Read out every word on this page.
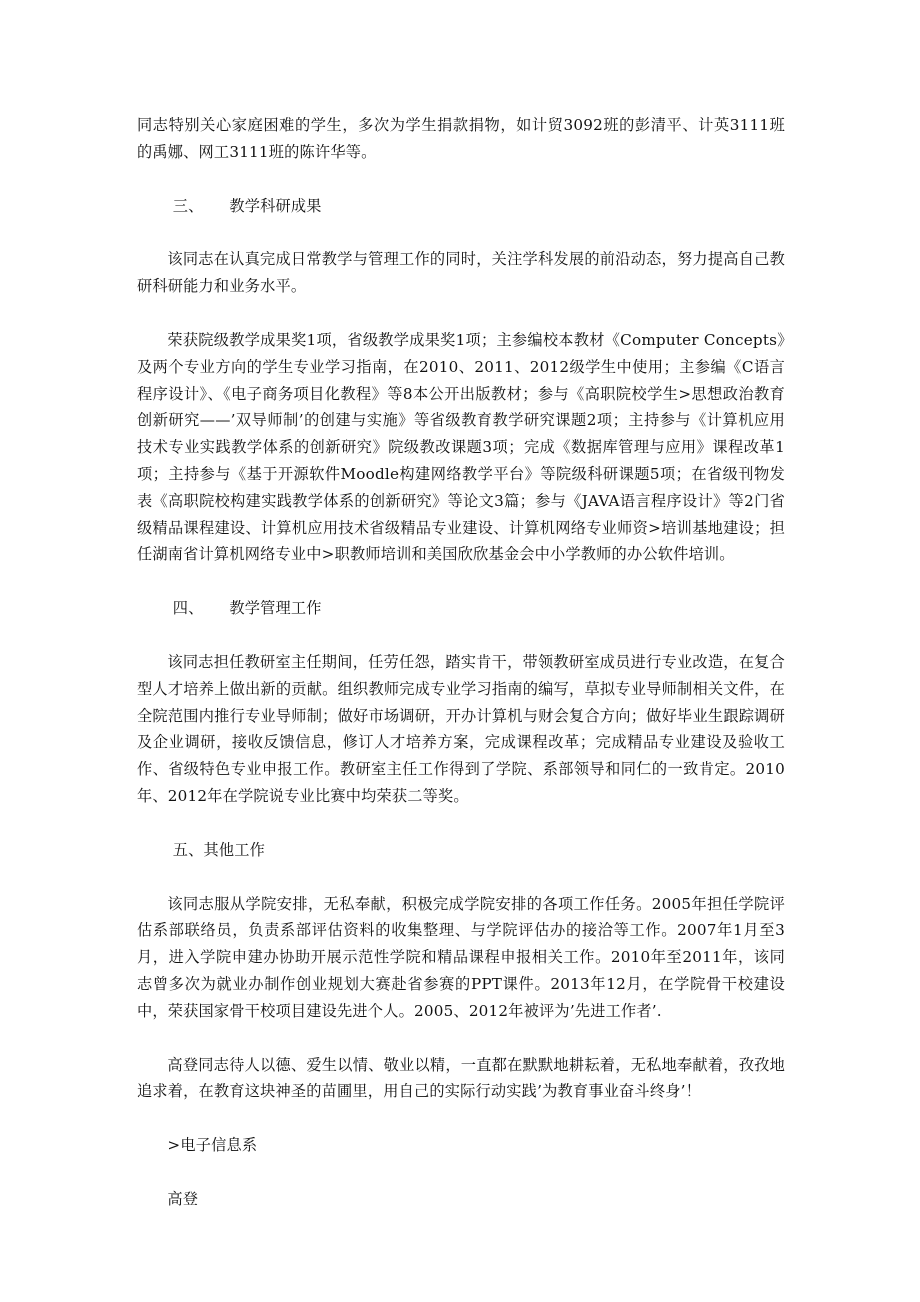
同志特别关心家庭困难的学生，多次为学生捐款捐物，如计贸3092班的彭清平、计英3111班的禹娜、网工3111班的陈许华等。

三、 教学科研成果

该同志在认真完成日常教学与管理工作的同时，关注学科发展的前沿动态，努力提高自己教研科研能力和业务水平。

荣获院级教学成果奖1项，省级教学成果奖1项；主参编校本教材《Computer Concepts》及两个专业方向的学生专业学习指南，在2010、2011、2012级学生中使用；主参编《C语言程序设计》、《电子商务项目化教程》等8本公开出版教材；参与《高职院校学生>思想政治教育创新研究——’双导师制’的创建与实施》等省级教育教学研究课题2项；主持参与《计算机应用技术专业实践教学体系的创新研究》院级教改课题3项；完成《数据库管理与应用》课程改革1项；主持参与《基于开源软件Moodle构建网络教学平台》等院级科研课题5项；在省级刊物发表《高职院校构建实践教学体系的创新研究》等论文3篇；参与《JAVA语言程序设计》等2门省级精品课程建设、计算机应用技术省级精品专业建设、计算机网络专业师资>培训基地建设；担任湖南省计算机网络专业中>职教师培训和美国欣欣基金会中小学教师的办公软件培训。

四、 教学管理工作

该同志担任教研室主任期间，任劳任怨，踏实肯干，带领教研室成员进行专业改造，在复合型人才培养上做出新的贡献。组织教师完成专业学习指南的编写，草拟专业导师制相关文件，在全院范围内推行专业导师制；做好市场调研，开办计算机与财会复合方向；做好毕业生跟踪调研及企业调研，接收反馈信息，修订人才培养方案，完成课程改革；完成精品专业建设及验收工作、省级特色专业申报工作。教研室主任工作得到了学院、系部领导和同仁的一致肯定。2010年、2012年在学院说专业比赛中均荣获二等奖。

五、其他工作

该同志服从学院安排，无私奉献，积极完成学院安排的各项工作任务。2005年担任学院评估系部联络员，负责系部评估资料的收集整理、与学院评估办的接洽等工作。2007年1月至3月，进入学院申建办协助开展示范性学院和精品课程申报相关工作。2010年至2011年，该同志曾多次为就业办制作创业规划大赛赴省参赛的PPT课件。2013年12月，在学院骨干校建设中，荣获国家骨干校项目建设先进个人。2005、2012年被评为’先进工作者’.

高登同志待人以德、爱生以情、敬业以精，一直都在默默地耕耘着，无私地奉献着，孜孜地追求着，在教育这块神圣的苗圃里，用自己的实际行动实践’为教育事业奋斗终身’！

>电子信息系
高登
